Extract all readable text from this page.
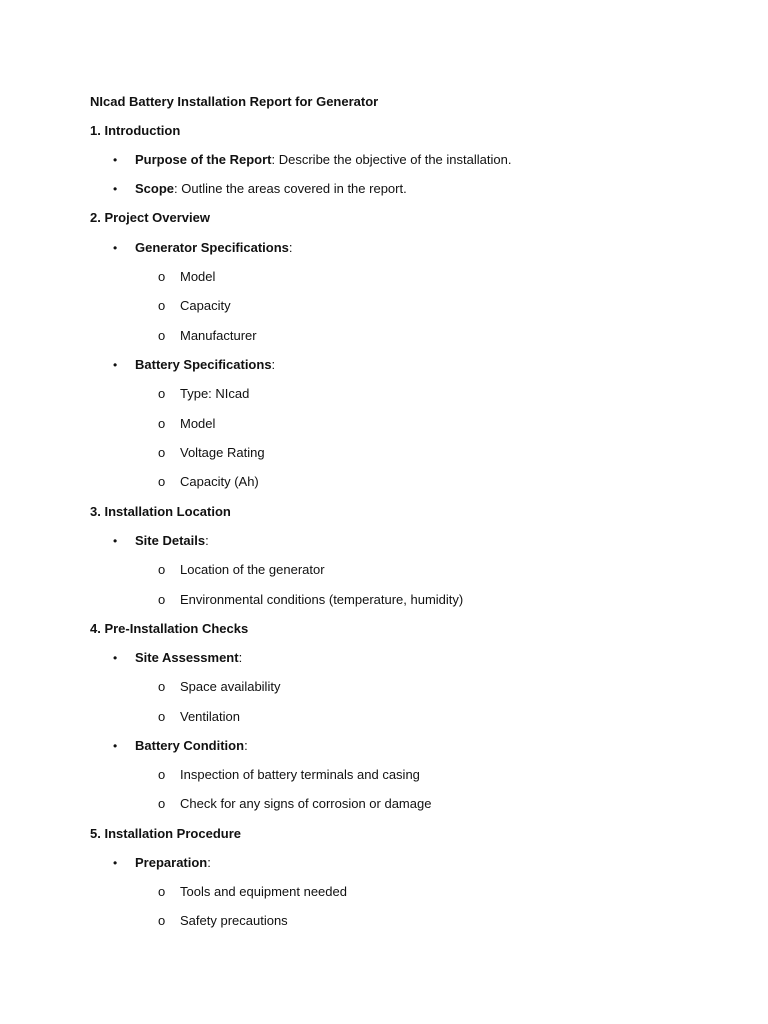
NIcad Battery Installation Report for Generator
1. Introduction
• Purpose of the Report: Describe the objective of the installation.
• Scope: Outline the areas covered in the report.
2. Project Overview
• Generator Specifications:
o Model
o Capacity
o Manufacturer
• Battery Specifications:
o Type: NIcad
o Model
o Voltage Rating
o Capacity (Ah)
3. Installation Location
• Site Details:
o Location of the generator
o Environmental conditions (temperature, humidity)
4. Pre-Installation Checks
• Site Assessment:
o Space availability
o Ventilation
• Battery Condition:
o Inspection of battery terminals and casing
o Check for any signs of corrosion or damage
5. Installation Procedure
• Preparation:
o Tools and equipment needed
o Safety precautions
